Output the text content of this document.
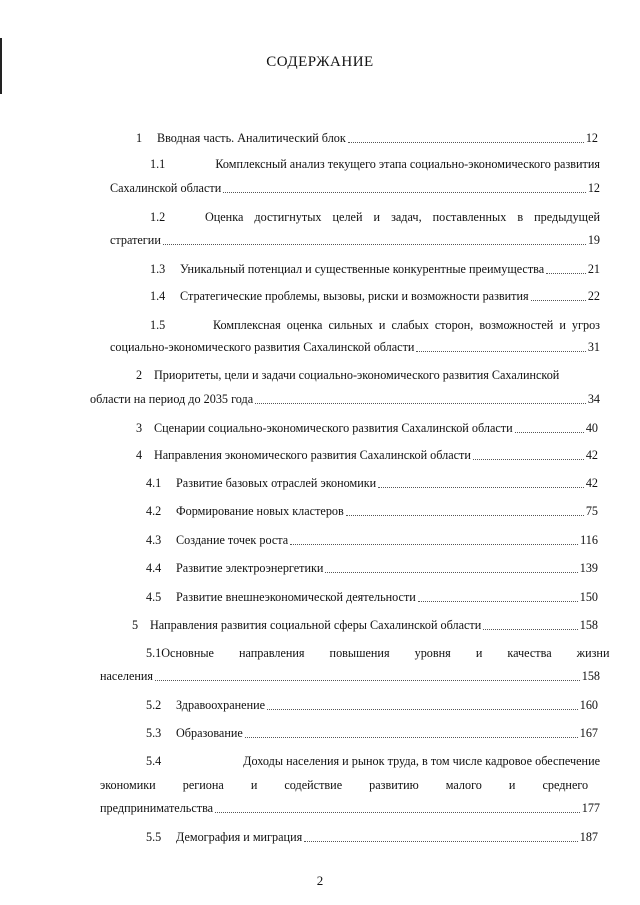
СОДЕРЖАНИЕ
1	Вводная часть. Аналитический блок	12
1.1	Комплексный анализ текущего этапа социально-экономического развития
Сахалинской области	12
1.2	Оценка достигнутых целей и задач, поставленных в предыдущей
стратегии	19
1.3	Уникальный потенциал и существенные конкурентные преимущества	21
1.4	Стратегические проблемы, вызовы, риски и возможности развития	22
1.5	Комплексная оценка сильных и слабых сторон, возможностей и угроз
социально-экономического развития Сахалинской области	31
2 Приоритеты, цели и задачи социально-экономического развития Сахалинской
области на период до 2035 года	34
3 Сценарии социально-экономического развития Сахалинской области	40
4 Направления экономического развития Сахалинской области	42
4.1	Развитие базовых отраслей экономики	42
4.2	Формирование новых кластеров	75
4.3	Создание точек роста	116
4.4	Развитие электроэнергетики	139
4.5	Развитие внешнеэкономической деятельности	150
5 Направления развития социальной сферы Сахалинской области	158
5.1 Основные направления повышения уровня и качества жизни
населения	158
5.2	Здравоохранение	160
5.3	Образование	167
5.4	Доходы населения и рынок труда, в том числе кадровое обеспечение
экономики региона и содействие развитию малого и среднего
предпринимательства	177
5.5	Демография и миграция	187
2
